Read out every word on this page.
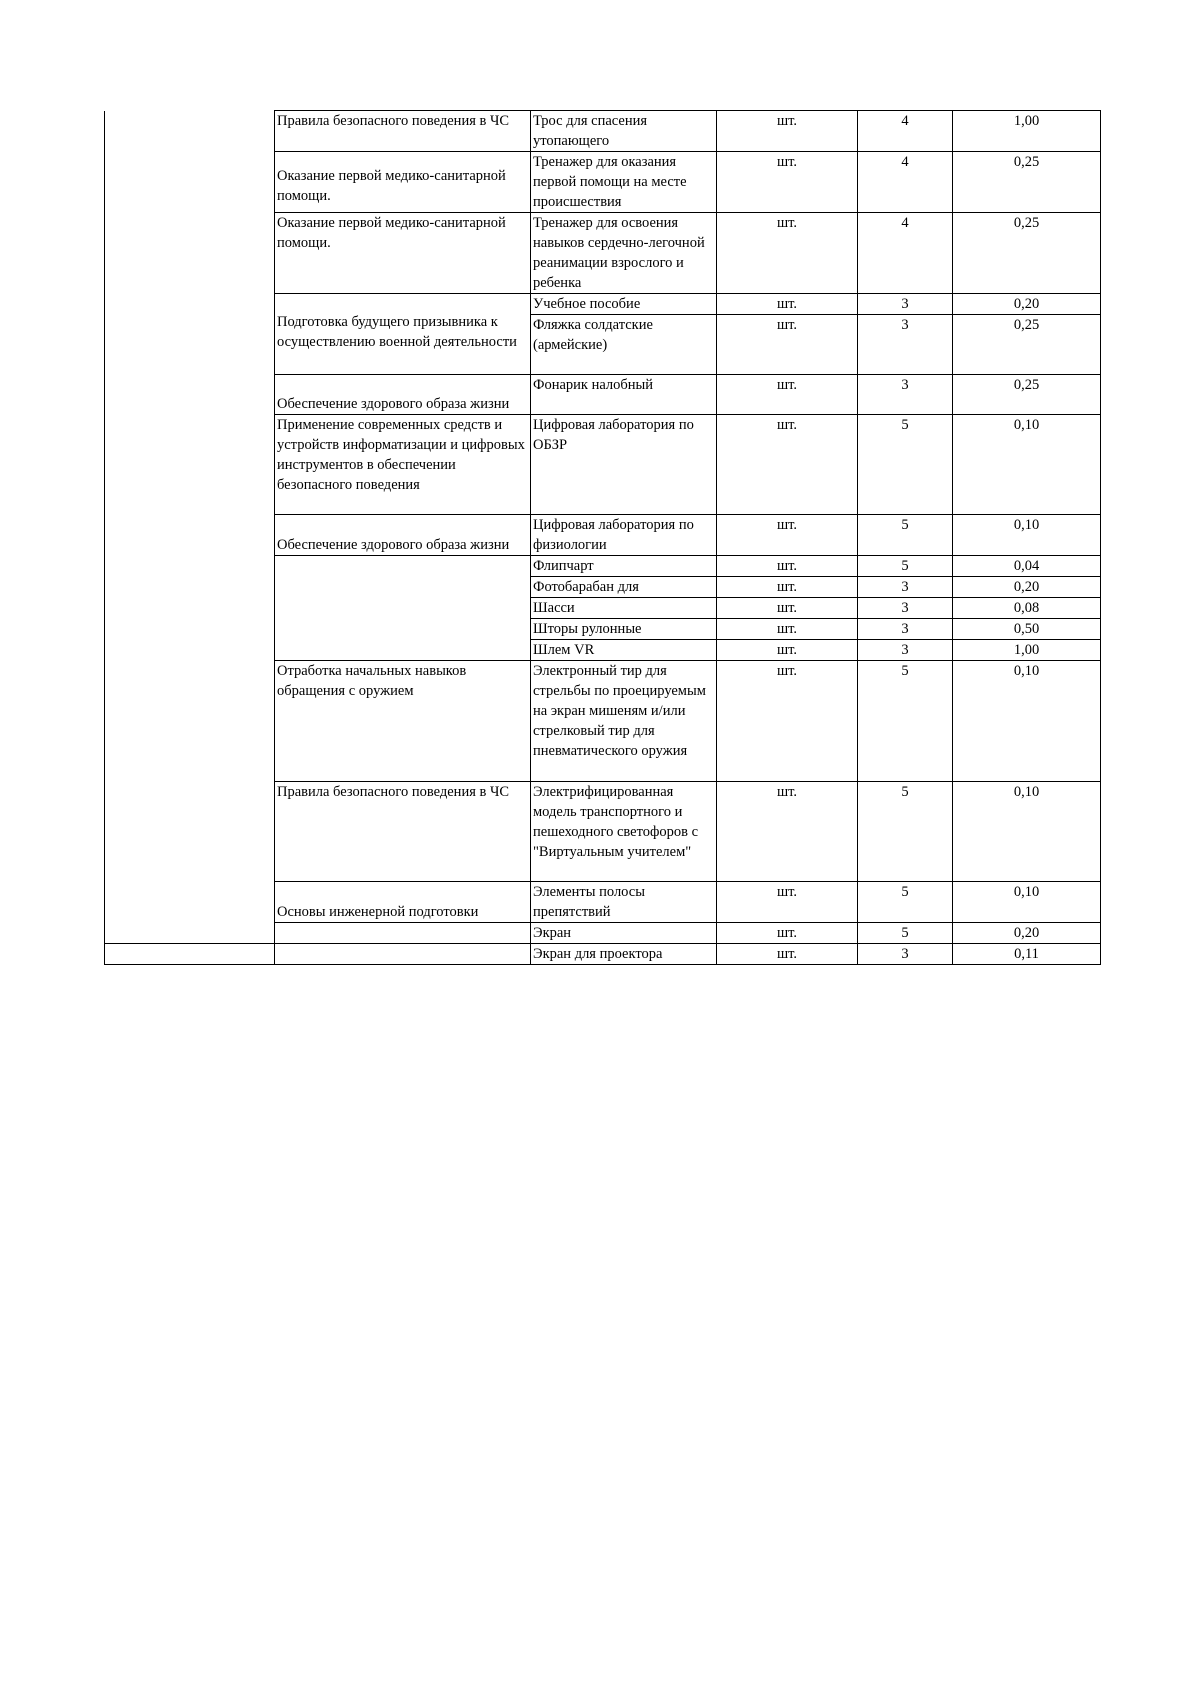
	Правила безопасного поведения в ЧС	Трос для спасения утопающего	шт.	4	1,00
	Оказание первой медико-санитарной помощи.	Тренажер для оказания первой помощи на месте происшествия	шт.	4	0,25
	Оказание первой медико-санитарной помощи.	Тренажер для освоения навыков сердечно-легочной реанимации взрослого и ребенка	шт.	4	0,25
	Подготовка будущего призывника к осуществлению военной деятельности	Учебное пособие	шт.	3	0,20
		Фляжка солдатские (армейские)	шт.	3	0,25
	Обеспечение здорового образа жизни	Фонарик налобный	шт.	3	0,25
	Применение современных средств и устройств информатизации и цифровых инструментов в обеспечении безопасного поведения	Цифровая лаборатория по ОБЗР	шт.	5	0,10
	Обеспечение здорового образа жизни	Цифровая лаборатория по физиологии	шт.	5	0,10
		Флипчарт	шт.	5	0,04
		Фотобарабан для	шт.	3	0,20
		Шасси	шт.	3	0,08
		Шторы рулонные	шт.	3	0,50
		Шлем VR	шт.	3	1,00
	Отработка начальных навыков обращения с оружием	Электронный тир для стрельбы по проецируемым на экран мишеням и/или стрелковый тир для пневматического оружия	шт.	5	0,10
	Правила безопасного поведения в ЧС	Электрифицированная модель транспортного и пешеходного светофоров с "Виртуальным учителем"	шт.	5	0,10
	Основы инженерной подготовки	Элементы полосы препятствий	шт.	5	0,10
		Экран	шт.	5	0,20
		Экран для проектора	шт.	3	0,11
